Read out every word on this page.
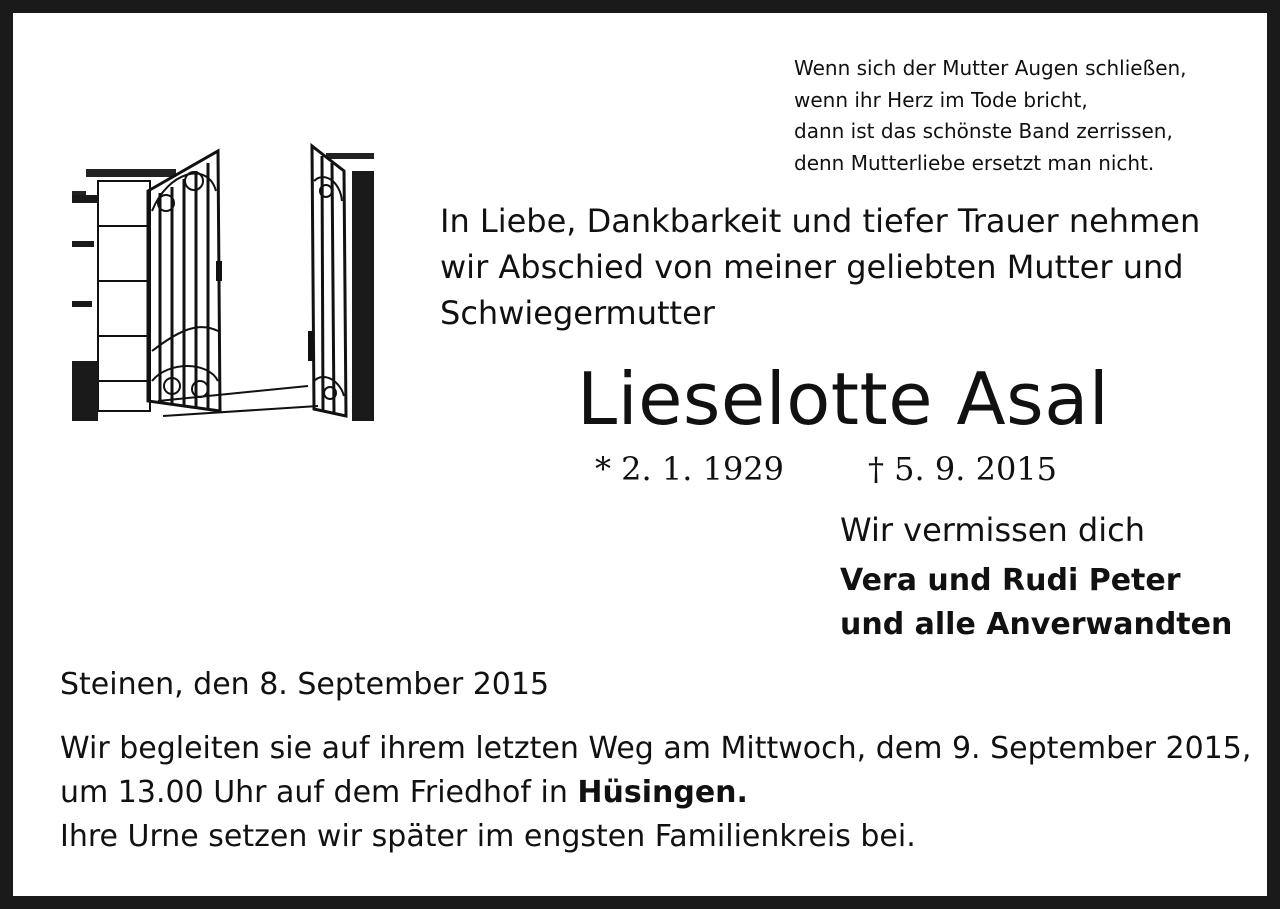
Wenn sich der Mutter Augen schließen,
wenn ihr Herz im Tode bricht,
dann ist das schönste Band zerrissen,
denn Mutterliebe ersetzt man nicht.
In Liebe, Dankbarkeit und tiefer Trauer nehmen
wir Abschied von meiner geliebten Mutter und
Schwiegermutter
Lieselotte Asal
* 2. 1. 1929	† 5. 9. 2015
Wir vermissen dich
Vera und Rudi Peter
und alle Anverwandten
Steinen, den 8. September 2015
Wir begleiten sie auf ihrem letzten Weg am Mittwoch, dem 9. September 2015,
um 13.00 Uhr auf dem Friedhof in Hüsingen.
Ihre Urne setzen wir später im engsten Familienkreis bei.
